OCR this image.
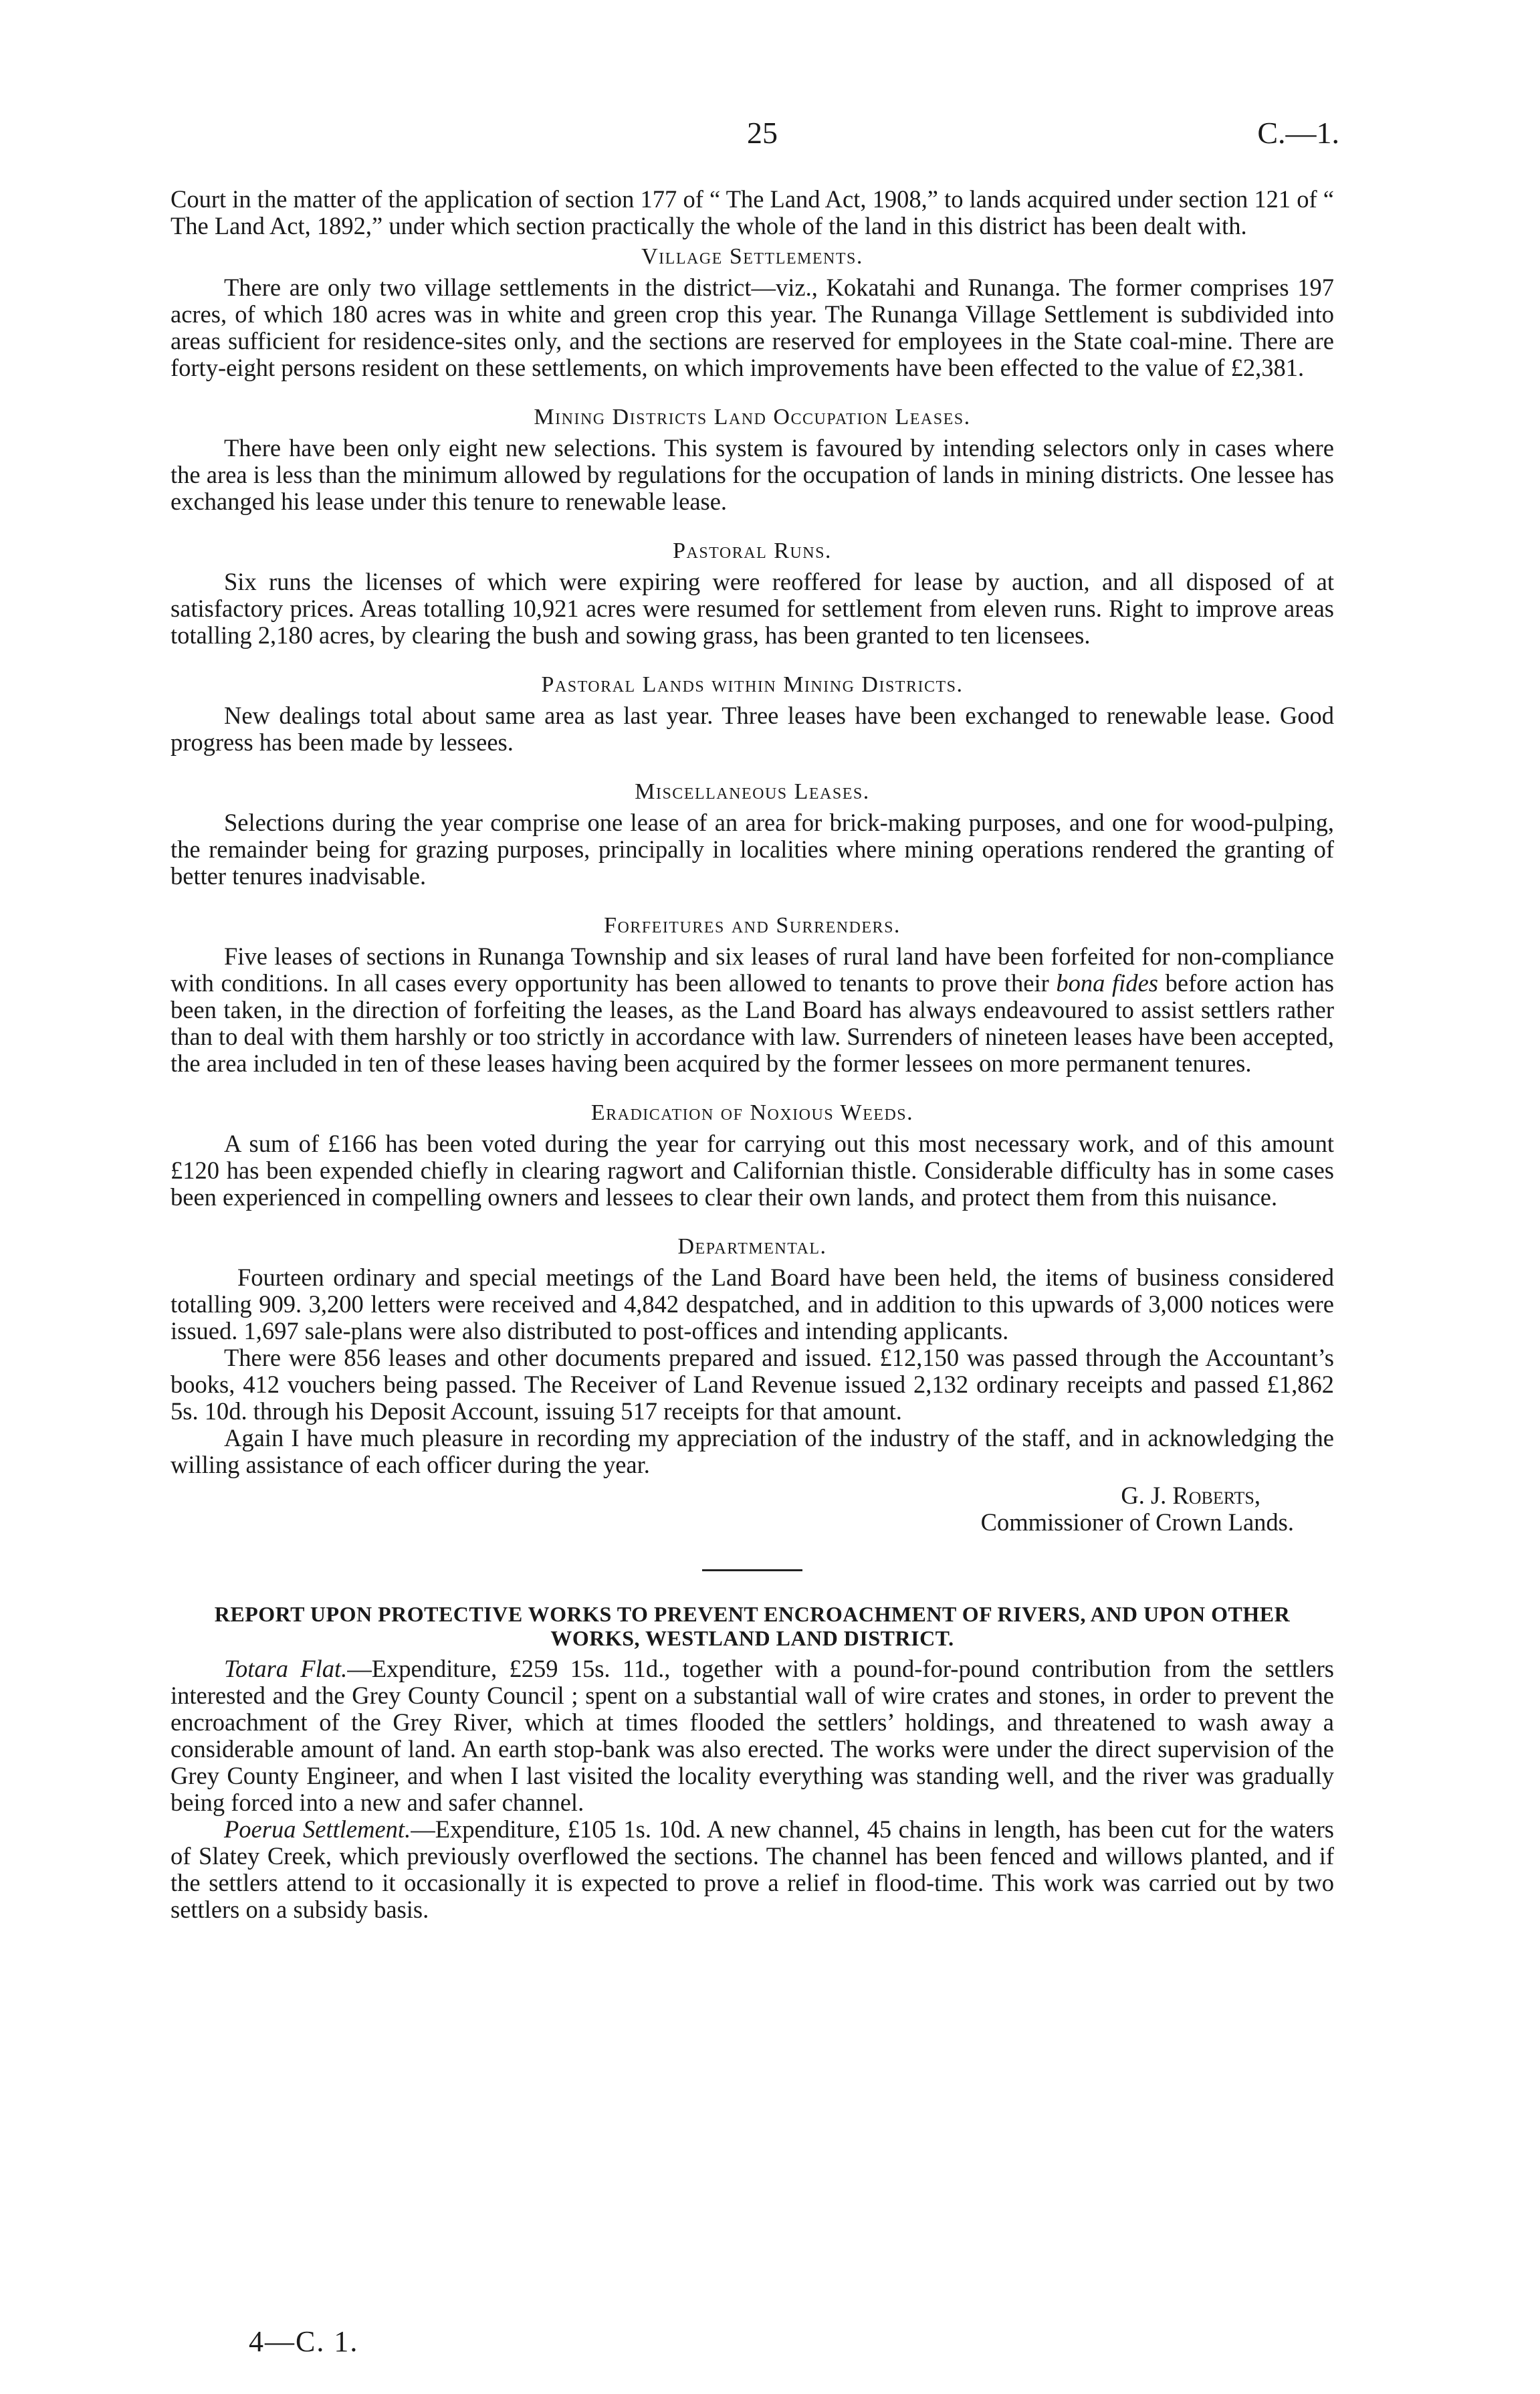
25	C.—1.

Court in the matter of the application of section 177 of “ The Land Act, 1908,” to lands acquired under section 121 of “ The Land Act, 1892,” under which section practically the whole of the land in this district has been dealt with.

Village Settlements.

There are only two village settlements in the district—viz., Kokatahi and Runanga. The former comprises 197 acres, of which 180 acres was in white and green crop this year. The Runanga Village Settlement is subdivided into areas sufficient for residence-sites only, and the sections are reserved for employees in the State coal-mine. There are forty-eight persons resident on these settlements, on which improvements have been effected to the value of £2,381.

Mining Districts Land Occupation Leases.

There have been only eight new selections. This system is favoured by intending selectors only in cases where the area is less than the minimum allowed by regulations for the occupation of lands in mining districts. One lessee has exchanged his lease under this tenure to renewable lease.

Pastoral Runs.

Six runs the licenses of which were expiring were reoffered for lease by auction, and all disposed of at satisfactory prices. Areas totalling 10,921 acres were resumed for settlement from eleven runs. Right to improve areas totalling 2,180 acres, by clearing the bush and sowing grass, has been granted to ten licensees.

Pastoral Lands within Mining Districts.

New dealings total about same area as last year. Three leases have been exchanged to renewable lease. Good progress has been made by lessees.

Miscellaneous Leases.

Selections during the year comprise one lease of an area for brick-making purposes, and one for wood-pulping, the remainder being for grazing purposes, principally in localities where mining operations rendered the granting of better tenures inadvisable.

Forfeitures and Surrenders.

Five leases of sections in Runanga Township and six leases of rural land have been forfeited for non-compliance with conditions. In all cases every opportunity has been allowed to tenants to prove their bona fides before action has been taken, in the direction of forfeiting the leases, as the Land Board has always endeavoured to assist settlers rather than to deal with them harshly or too strictly in accordance with law. Surrenders of nineteen leases have been accepted, the area included in ten of these leases having been acquired by the former lessees on more permanent tenures.

Eradication of Noxious Weeds.

A sum of £166 has been voted during the year for carrying out this most necessary work, and of this amount £120 has been expended chiefly in clearing ragwort and Californian thistle. Considerable difficulty has in some cases been experienced in compelling owners and lessees to clear their own lands, and protect them from this nuisance.

Departmental.

Fourteen ordinary and special meetings of the Land Board have been held, the items of business considered totalling 909. 3,200 letters were received and 4,842 despatched, and in addition to this upwards of 3,000 notices were issued. 1,697 sale-plans were also distributed to post-offices and intending applicants.

There were 856 leases and other documents prepared and issued. £12,150 was passed through the Accountant’s books, 412 vouchers being passed. The Receiver of Land Revenue issued 2,132 ordinary receipts and passed £1,862 5s. 10d. through his Deposit Account, issuing 517 receipts for that amount.

Again I have much pleasure in recording my appreciation of the industry of the staff, and in acknowledging the willing assistance of each officer during the year.

G. J. Roberts,
Commissioner of Crown Lands.
REPORT UPON PROTECTIVE WORKS TO PREVENT ENCROACHMENT OF RIVERS, AND UPON OTHER WORKS, WESTLAND LAND DISTRICT.

Totara Flat.—Expenditure, £259 15s. 11d., together with a pound-for-pound contribution from the settlers interested and the Grey County Council ; spent on a substantial wall of wire crates and stones, in order to prevent the encroachment of the Grey River, which at times flooded the settlers’ holdings, and threatened to wash away a considerable amount of land. An earth stop-bank was also erected. The works were under the direct supervision of the Grey County Engineer, and when I last visited the locality everything was standing well, and the river was gradually being forced into a new and safer channel.

Poerua Settlement.—Expenditure, £105 1s. 10d. A new channel, 45 chains in length, has been cut for the waters of Slatey Creek, which previously overflowed the sections. The channel has been fenced and willows planted, and if the settlers attend to it occasionally it is expected to prove a relief in flood-time. This work was carried out by two settlers on a subsidy basis.

4—C. 1.
